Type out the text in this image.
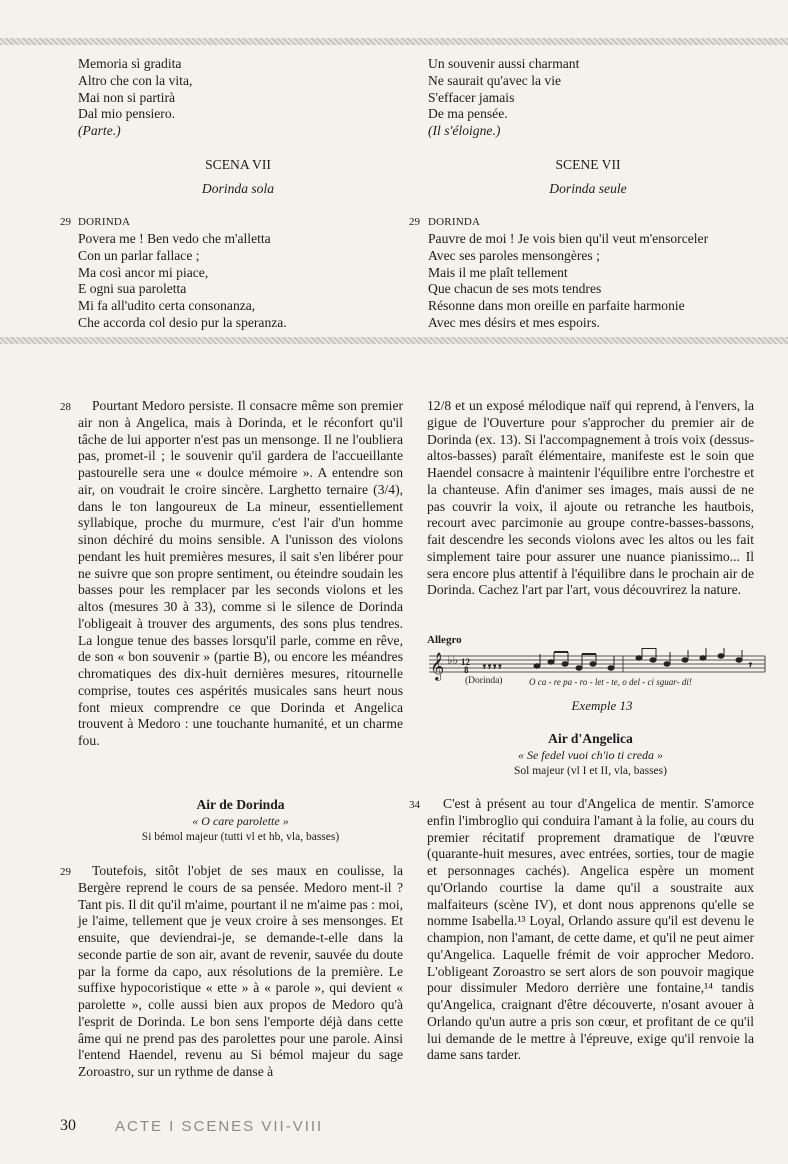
Memoria sì gradita
Altro che con la vita,
Mai non si partirà
Dal mio pensiero.
(Parte.)
Un souvenir aussi charmant
Ne saurait qu'avec la vie
S'effacer jamais
De ma pensée.
(Il s'éloigne.)
SCENA VII
Dorinda sola
SCENE VII
Dorinda seule
29 DORINDA
Povera me ! Ben vedo che m'alletta
Con un parlar fallace ;
Ma così ancor mi piace,
E ogni sua paroletta
Mi fa all'udito certa consonanza,
Che accorda col desio pur la speranza.
29 DORINDA
Pauvre de moi ! Je vois bien qu'il veut m'ensorceler
Avec ses paroles mensongères ;
Mais il me plaît tellement
Que chacun de ses mots tendres
Résonne dans mon oreille en parfaite harmonie
Avec mes désirs et mes espoirs.
28	Pourtant Medoro persiste. Il consacre même son premier air non à Angelica, mais à Dorinda, et le réconfort qu'il tâche de lui apporter n'est pas un mensonge. Il ne l'oubliera pas, promet-il ; le souvenir qu'il gardera de l'accueillante pastourelle sera une « doulce mémoire ». A entendre son air, on voudrait le croire sincère. Larghetto ternaire (3/4), dans le ton langoureux de La mineur, essentiellement syllabique, proche du murmure, c'est l'air d'un homme sinon déchiré du moins sensible. A l'unisson des violons pendant les huit premières mesures, il sait s'en libérer pour ne suivre que son propre sentiment, ou éteindre soudain les basses pour les remplacer par les seconds violons et les altos (mesures 30 à 33), comme si le silence de Dorinda l'obligeait à trouver des arguments, des sons plus tendres. La longue tenue des basses lorsqu'il parle, comme en rêve, de son « bon souvenir » (partie B), ou encore les méandres chromatiques des dix-huit dernières mesures, ritournelle comprise, toutes ces aspérités musicales sans heurt nous font mieux comprendre ce que Dorinda et Angelica trouvent à Medoro : une touchante humanité, et un charme fou.

Air de Dorinda
« O care parolette »
Si bémol majeur (tutti vl et hb, vla, basses)
29	Toutefois, sitôt l'objet de ses maux en coulisse, la Bergère reprend le cours de sa pensée. Medoro ment-il ? Tant pis. Il dit qu'il m'aime, pourtant il ne m'aime pas : moi, je l'aime, tellement que je veux croire à ses mensonges. Et ensuite, que deviendrai-je, se demande-t-elle dans la seconde partie de son air, avant de revenir, sauvée du doute par la forme da capo, aux résolutions de la première. Le suffixe hypocoristique « ette » à « parole », qui devient « parolette », colle aussi bien aux propos de Medoro qu'à l'esprit de Dorinda. Le bon sens l'emporte déjà dans cette âme qui ne prend pas des parolettes pour une parole. Ainsi l'entend Haendel, revenu au Si bémol majeur du sage Zoroastro, sur un rythme de danse à

12/8 et un exposé mélodique naïf qui reprend, à l'envers, la gigue de l'Ouverture pour s'approcher du premier air de Dorinda (ex. 13). Si l'accompagnement à trois voix (dessus-altos-basses) paraît élémentaire, manifeste est le soin que Haendel consacre à maintenir l'équilibre entre l'orchestre et la chanteuse. Afin d'animer ses images, mais aussi de ne pas couvrir la voix, il ajoute ou retranche les hautbois, recourt avec parcimonie au groupe contre-basses-bassons, fait descendre les seconds violons avec les altos ou les fait simplement taire pour assurer une nuance pianissimo... Il sera encore plus attentif à l'équilibre dans le prochain air de Dorinda. Cachez l'art par l'art, vous découvrirez la nature.

Allegro
𝄞 ♭♭ 12
8 𝄾 𝄾 𝄾 𝄾	𝄾
(Dorinda)	O ca - re pa - ro - let - te, o del - ci sguar- di!
Exemple 13
Air d'Angelica
« Se fedel vuoi ch'io ti creda »
Sol majeur (vl I et II, vla, basses)
34	C'est à présent au tour d'Angelica de mentir. S'amorce enfin l'imbroglio qui conduira l'amant à la folie, au cours du premier récitatif proprement dramatique de l'œuvre (quarante-huit mesures, avec entrées, sorties, tour de magie et personnages cachés). Angelica espère un moment qu'Orlando courtise la dame qu'il a soustraite aux malfaiteurs (scène IV), et dont nous apprenons qu'elle se nomme Isabella.¹³ Loyal, Orlando assure qu'il est devenu le champion, non l'amant, de cette dame, et qu'il ne peut aimer qu'Angelica. Laquelle frémit de voir approcher Medoro. L'obligeant Zoroastro se sert alors de son pouvoir magique pour dissimuler Medoro derrière une fontaine,¹⁴ tandis qu'Angelica, craignant d'être découverte, n'osant avouer à Orlando qu'un autre a pris son cœur, et profitant de ce qu'il lui demande de le mettre à l'épreuve, exige qu'il renvoie la dame sans tarder.

30	ACTE I SCENES VII-VIII
